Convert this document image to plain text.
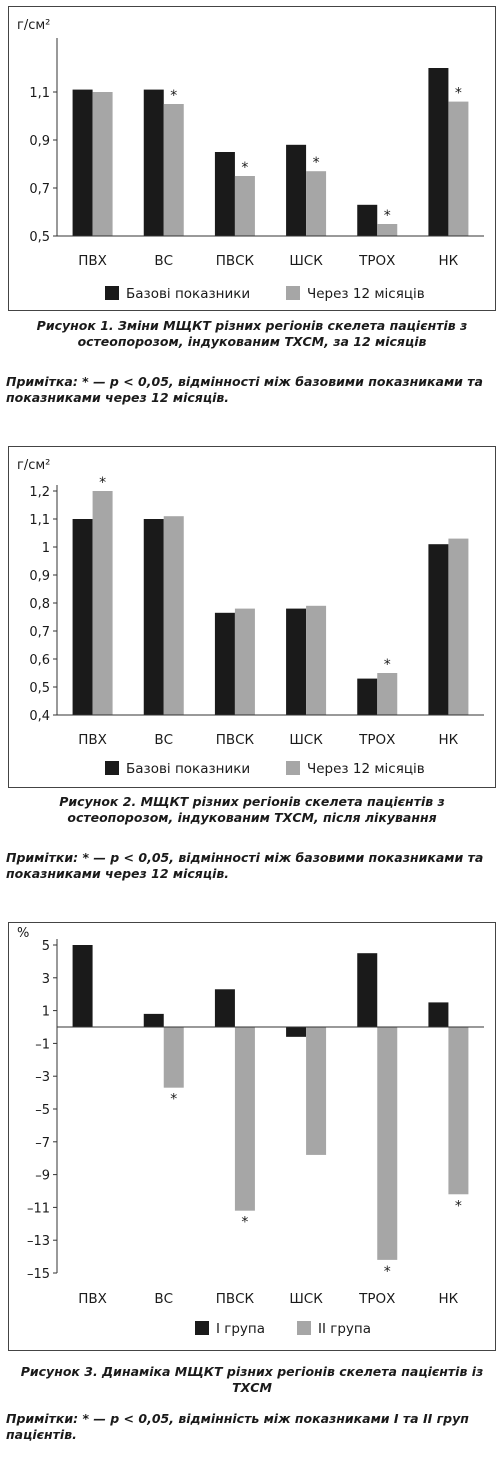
г/см²
0,5
0,7
0,9
1,1
ПВХ
*
ВС
*
ПВСК
*
ШСК
*
ТРОХ
*
НК
Базові показники	Через 12 місяців
Рисунок 1. Зміни МЩКТ різних регіонів скелета пацієнтів з остеопорозом, індукованим ТХСМ, за 12 місяців
Примітка: * — p < 0,05, відмінності між базовими показниками та показниками через 12 місяців.
г/см²
0,4
0,5
0,6
0,7
0,8
0,9
1
1,1
1,2
*
ПВХ	ВС	ПВСК	ШСК
*
ТРОХ	НК
Базові показники	Через 12 місяців
Рисунок 2. МЩКТ різних регіонів скелета пацієнтів з остеопорозом, індукованим ТХСМ, після лікування
Примітки: * — p < 0,05, відмінності між базовими показниками та показниками через 12 місяців.
%
5
3
1
–1
–3
–5
–7
–9
–11
–13
–15
ПВХ
*
ВС
*
ПВСК	ШСК
*
ТРОХ
*
НК
І група	ІІ група
Рисунок 3. Динаміка МЩКТ різних регіонів скелета пацієнтів із ТХСМ
Примітки: * — p < 0,05, відмінність між показниками І та ІІ груп пацієнтів.
